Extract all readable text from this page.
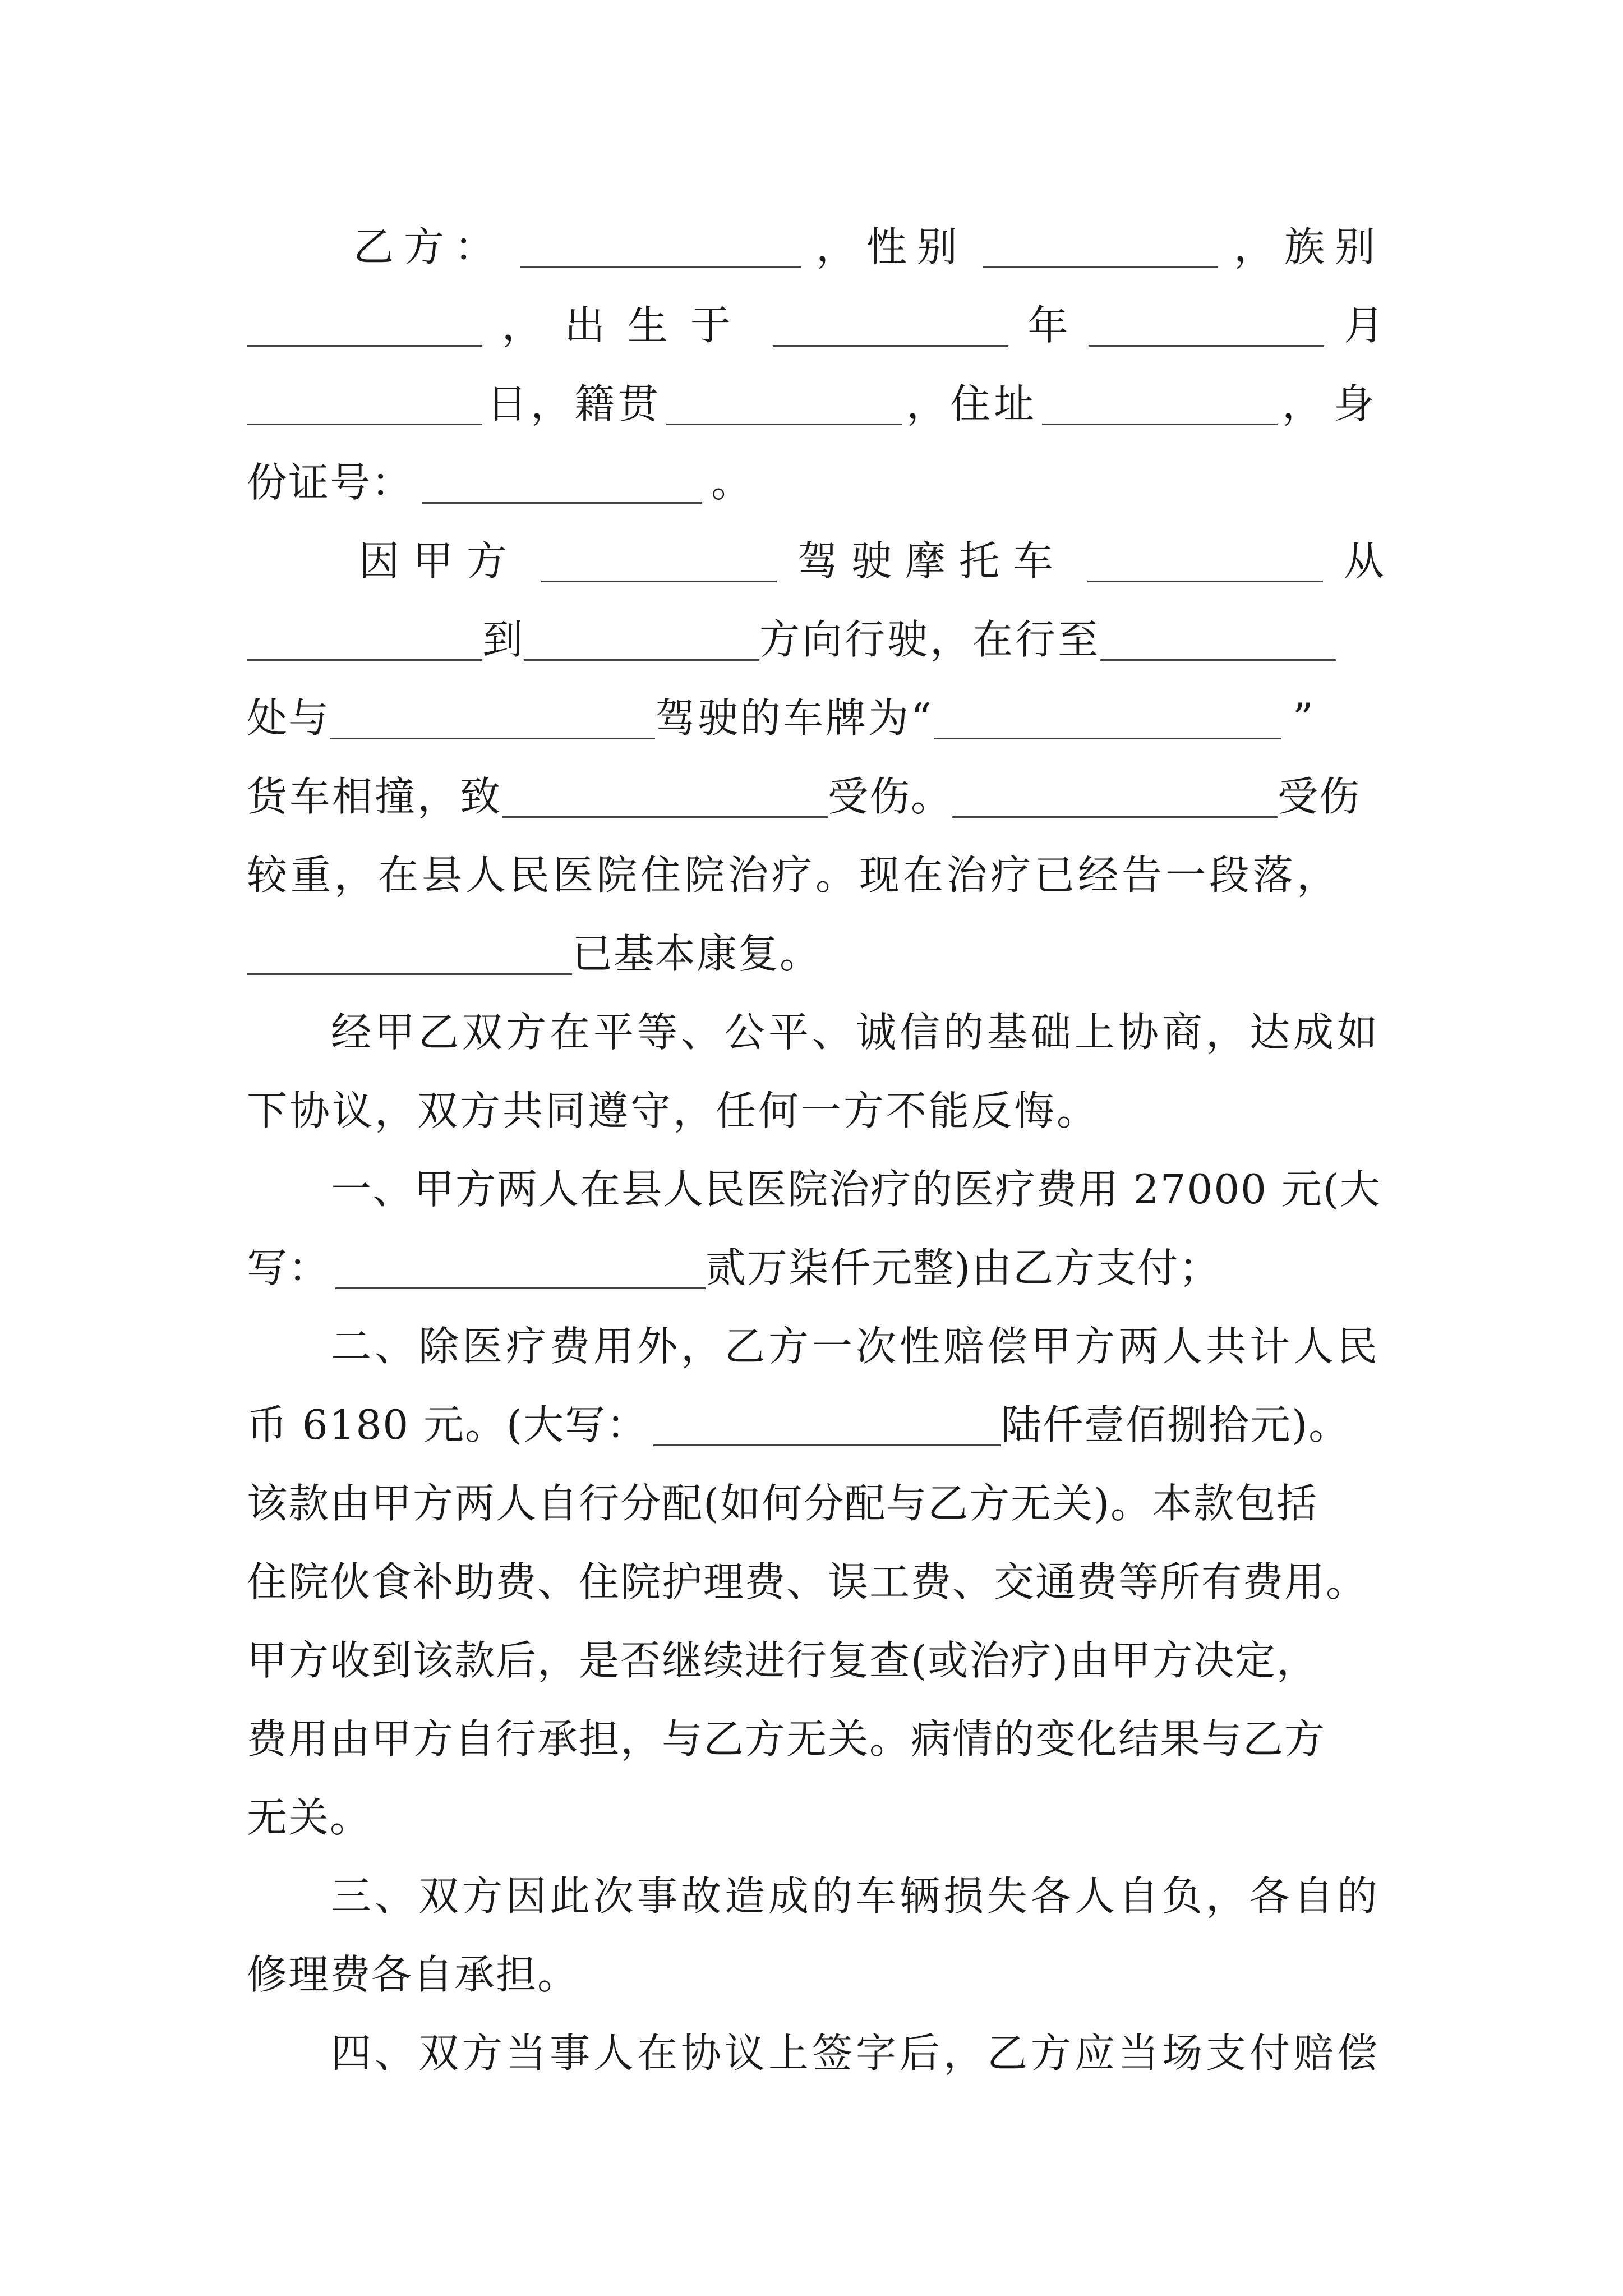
乙方：	，性别	，族别
，出生于	年	月
日，籍贯	，住址	，身
份证号：	。
因甲方	驾驶摩托车	从
到	方向行驶，在行至
处与	驾驶的车牌为“	”
货车相撞，致	受伤。	受伤
较重，在县人民医院住院治疗。现在治疗已经告一段落，
已基本康复。
经甲乙双方在平等、公平、诚信的基础上协商，达成如
下协议，双方共同遵守，任何一方不能反悔。
一、甲方两人在县人民医院治疗的医疗费用 27000 元(大
写：	贰万柒仟元整)由乙方支付；
二、除医疗费用外，乙方一次性赔偿甲方两人共计人民
币 6180 元。(大写：	陆仟壹佰捌拾元)。
该款由甲方两人自行分配(如何分配与乙方无关)。本款包括
住院伙食补助费、住院护理费、误工费、交通费等所有费用。
甲方收到该款后，是否继续进行复查(或治疗)由甲方决定，
费用由甲方自行承担，与乙方无关。病情的变化结果与乙方
无关。
三、双方因此次事故造成的车辆损失各人自负，各自的
修理费各自承担。
四、双方当事人在协议上签字后，乙方应当场支付赔偿
